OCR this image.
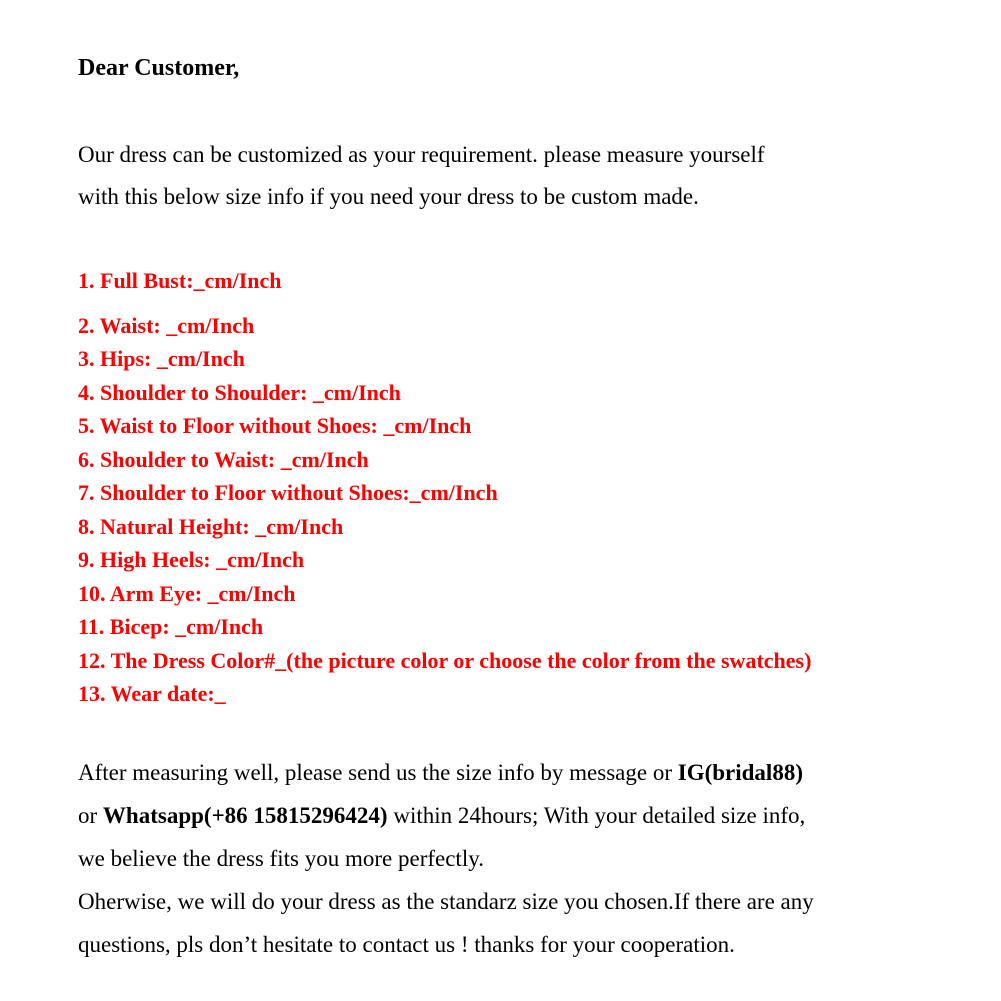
Dear Customer,

Our dress can be customized as your requirement. please measure yourself
with this below size info if you need your dress to be custom made.

1. Full Bust:_cm/Inch
2. Waist: _cm/Inch
3. Hips: _cm/Inch
4. Shoulder to Shoulder: _cm/Inch
5. Waist to Floor without Shoes: _cm/Inch
6. Shoulder to Waist: _cm/Inch
7. Shoulder to Floor without Shoes:_cm/Inch
8. Natural Height: _cm/Inch
9. High Heels: _cm/Inch
10. Arm Eye: _cm/Inch
11. Bicep: _cm/Inch
12. The Dress Color#_(the picture color or choose the color from the swatches)
13. Wear date:_

After measuring well, please send us the size info by message or IG(bridal88)
or Whatsapp(+86 15815296424) within 24hours; With your detailed size info,
we believe the dress fits you more perfectly.
Oherwise, we will do your dress as the standarz size you chosen.If there are any
questions, pls don’t hesitate to contact us ! thanks for your cooperation.
